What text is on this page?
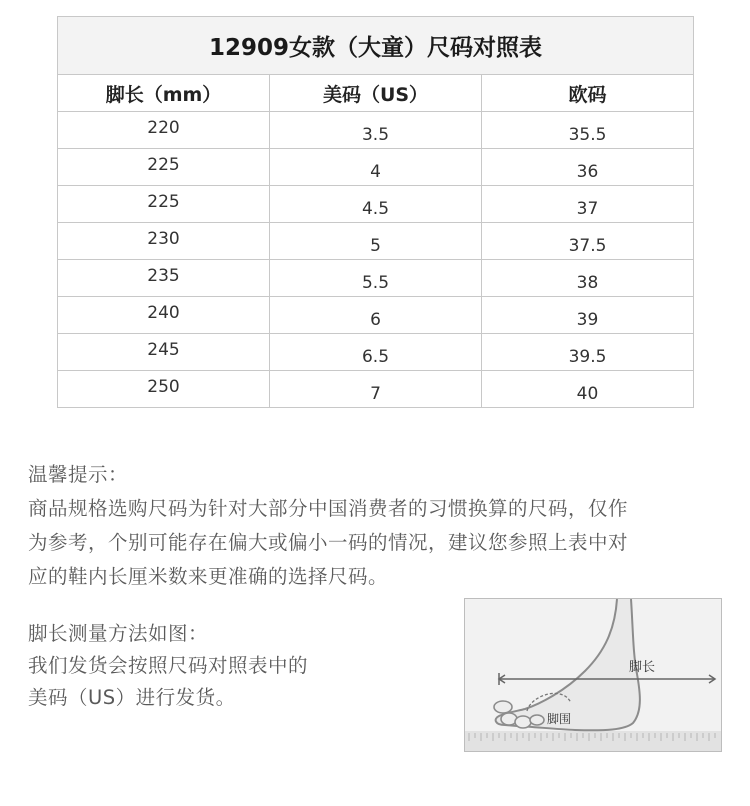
12909女款（大童）尺码对照表		
脚长（mm）	美码（US）	欧码
220	3.5	35.5
225	4	36
225	4.5	37
230	5	37.5
235	5.5	38
240	6	39
245	6.5	39.5
250	7	40

温馨提示：

商品规格选购尺码为针对大部分中国消费者的习惯换算的尺码，仅作

为参考，个别可能存在偏大或偏小一码的情况，建议您参照上表中对

应的鞋内长厘米数来更准确的选择尺码。

脚长测量方法如图：

我们发货会按照尺码对照表中的

美码（US）进行发货。

脚长
脚围
